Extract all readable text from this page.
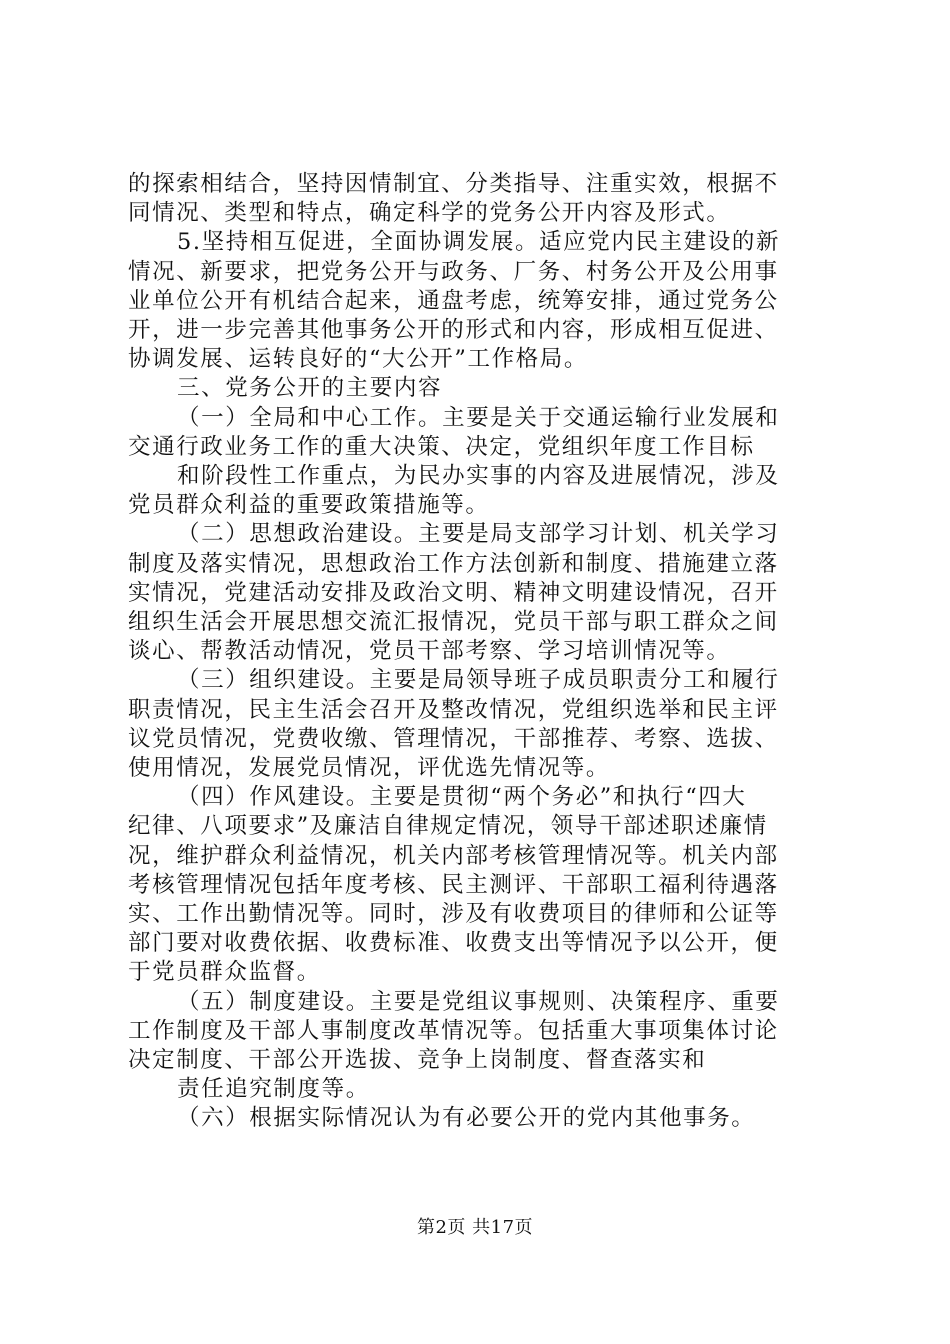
的探索相结合，坚持因情制宜、分类指导、注重实效，根据不
同情况、类型和特点，确定科学的党务公开内容及形式。
5.坚持相互促进，全面协调发展。适应党内民主建设的新
情况、新要求，把党务公开与政务、厂务、村务公开及公用事
业单位公开有机结合起来，通盘考虑，统筹安排，通过党务公
开，进一步完善其他事务公开的形式和内容，形成相互促进、
协调发展、运转良好的“大公开”工作格局。
三、党务公开的主要内容
（一）全局和中心工作。主要是关于交通运输行业发展和
交通行政业务工作的重大决策、决定，党组织年度工作目标
和阶段性工作重点，为民办实事的内容及进展情况，涉及
党员群众利益的重要政策措施等。
（二）思想政治建设。主要是局支部学习计划、机关学习
制度及落实情况，思想政治工作方法创新和制度、措施建立落
实情况，党建活动安排及政治文明、精神文明建设情况，召开
组织生活会开展思想交流汇报情况，党员干部与职工群众之间
谈心、帮教活动情况，党员干部考察、学习培训情况等。
（三）组织建设。主要是局领导班子成员职责分工和履行
职责情况，民主生活会召开及整改情况，党组织选举和民主评
议党员情况，党费收缴、管理情况，干部推荐、考察、选拔、
使用情况，发展党员情况，评优选先情况等。
（四）作风建设。主要是贯彻“两个务必”和执行“四大
纪律、八项要求”及廉洁自律规定情况，领导干部述职述廉情
况，维护群众利益情况，机关内部考核管理情况等。机关内部
考核管理情况包括年度考核、民主测评、干部职工福利待遇落
实、工作出勤情况等。同时，涉及有收费项目的律师和公证等
部门要对收费依据、收费标准、收费支出等情况予以公开，便
于党员群众监督。
（五）制度建设。主要是党组议事规则、决策程序、重要
工作制度及干部人事制度改革情况等。包括重大事项集体讨论
决定制度、干部公开选拔、竞争上岗制度、督查落实和
责任追究制度等。
（六）根据实际情况认为有必要公开的党内其他事务。
第2页 共17页
